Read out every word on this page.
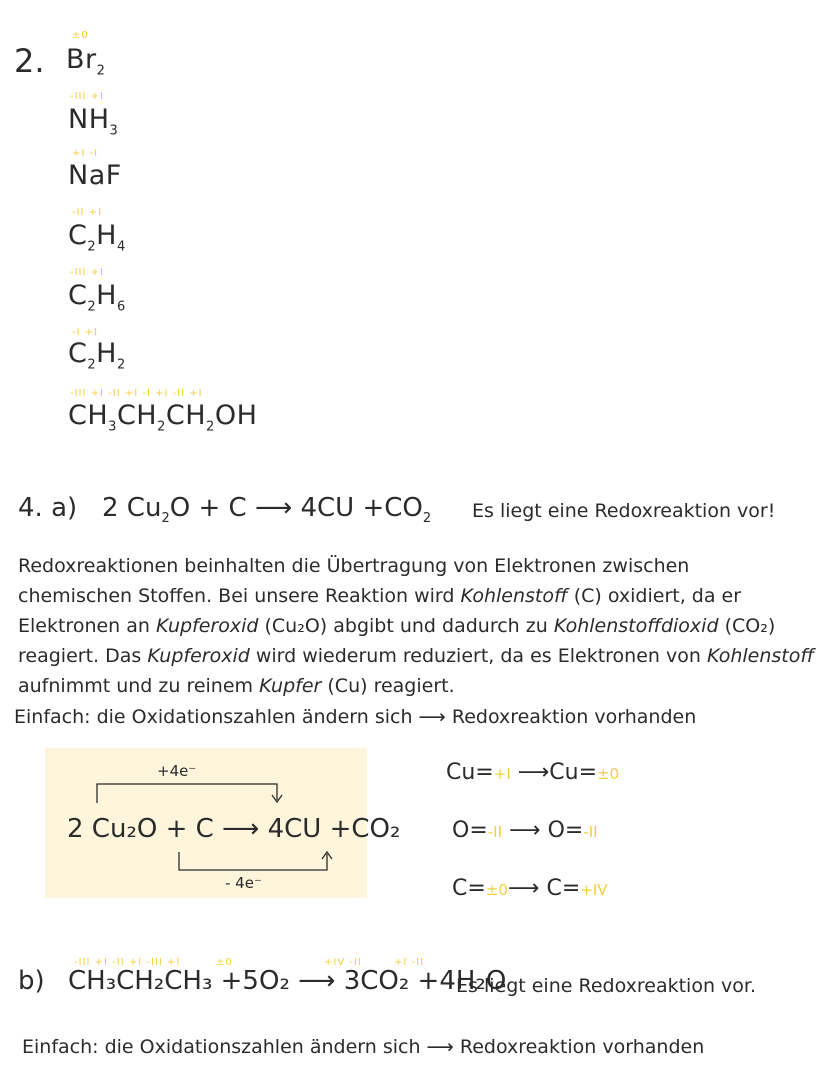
2.
±0
$Br_2$
-III +I
$NH_3$
+I -I
NaF
-II +I
$C_2H_4$
-III +I
$C_2H_6$
-I +I
$C_2H_2$
-III +I -II +I -I +I -II +I
$CH_3CH_2CH_2OH$
4. a) 2 $Cu_2O + C$ ⟶ $4CU +CO_2$ Es liegt eine Redoxreaktion vor!
Redoxreaktionen beinhalten die Übertragung von Elektronen zwischen
chemischen Stoffen. Bei unsere Reaktion wird Kohlenstoff (C) oxidiert, da er
Elektronen an Kupferoxid (Cu₂O) abgibt und dadurch zu Kohlenstoffdioxid (CO₂)
reagiert. Das Kupferoxid wird wiederum reduziert, da es Elektronen von Kohlenstoff
aufnimmt und zu reinem Kupfer (Cu) reagiert.
Einfach: die Oxidationszahlen ändern sich ⟶ Redoxreaktion vorhanden
+4e⁻
2 Cu₂O + C ⟶ 4CU +CO₂
- 4e⁻
Cu=+I ⟶Cu=±0
O=-II ⟶ O=-II
C=±0⟶ C=+IV
-III +I -II +I -III +I	±0	+IV -II	+I -II
b) CH₃CH₂CH₃ +5O₂ ⟶ 3CO₂ +4H₂O
Es liegt eine Redoxreaktion vor.
Einfach: die Oxidationszahlen ändern sich ⟶ Redoxreaktion vorhanden
